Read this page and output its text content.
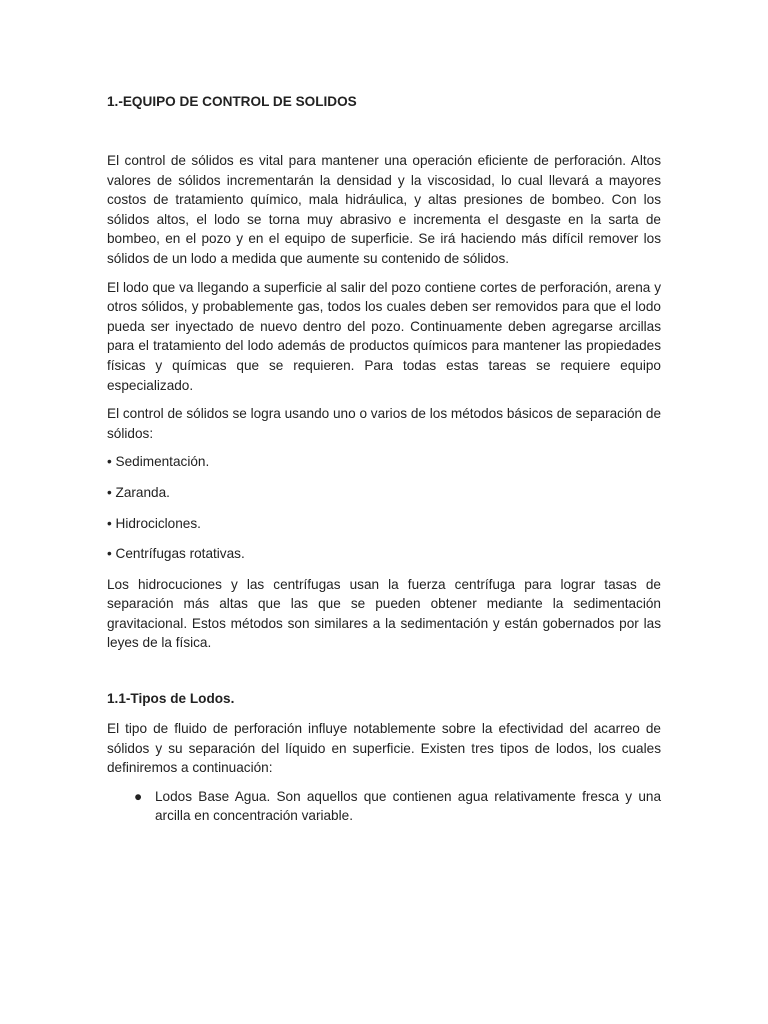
1.-EQUIPO DE CONTROL DE SOLIDOS

El control de sólidos es vital para mantener una operación eficiente de perforación. Altos valores de sólidos incrementarán la densidad y la viscosidad, lo cual llevará a mayores costos de tratamiento químico, mala hidráulica, y altas presiones de bombeo. Con los sólidos altos, el lodo se torna muy abrasivo e incrementa el desgaste en la sarta de bombeo, en el pozo y en el equipo de superficie. Se irá haciendo más difícil remover los sólidos de un lodo a medida que aumente su contenido de sólidos.

El lodo que va llegando a superficie al salir del pozo contiene cortes de perforación, arena y otros sólidos, y probablemente gas, todos los cuales deben ser removidos para que el lodo pueda ser inyectado de nuevo dentro del pozo. Continuamente deben agregarse arcillas para el tratamiento del lodo además de productos químicos para mantener las propiedades físicas y químicas que se requieren. Para todas estas tareas se requiere equipo especializado.

El control de sólidos se logra usando uno o varios de los métodos básicos de separación de sólidos:

• Sedimentación.

• Zaranda.

• Hidrociclones.

• Centrífugas rotativas.

Los hidrocuciones y las centrífugas usan la fuerza centrífuga para lograr tasas de separación más altas que las que se pueden obtener mediante la sedimentación gravitacional. Estos métodos son similares a la sedimentación y están gobernados por las leyes de la física.

1.1-Tipos de Lodos.

El tipo de fluido de perforación influye notablemente sobre la efectividad del acarreo de sólidos y su separación del líquido en superficie. Existen tres tipos de lodos, los cuales definiremos a continuación:

● Lodos Base Agua. Son aquellos que contienen agua relativamente fresca y una arcilla en concentración variable.
